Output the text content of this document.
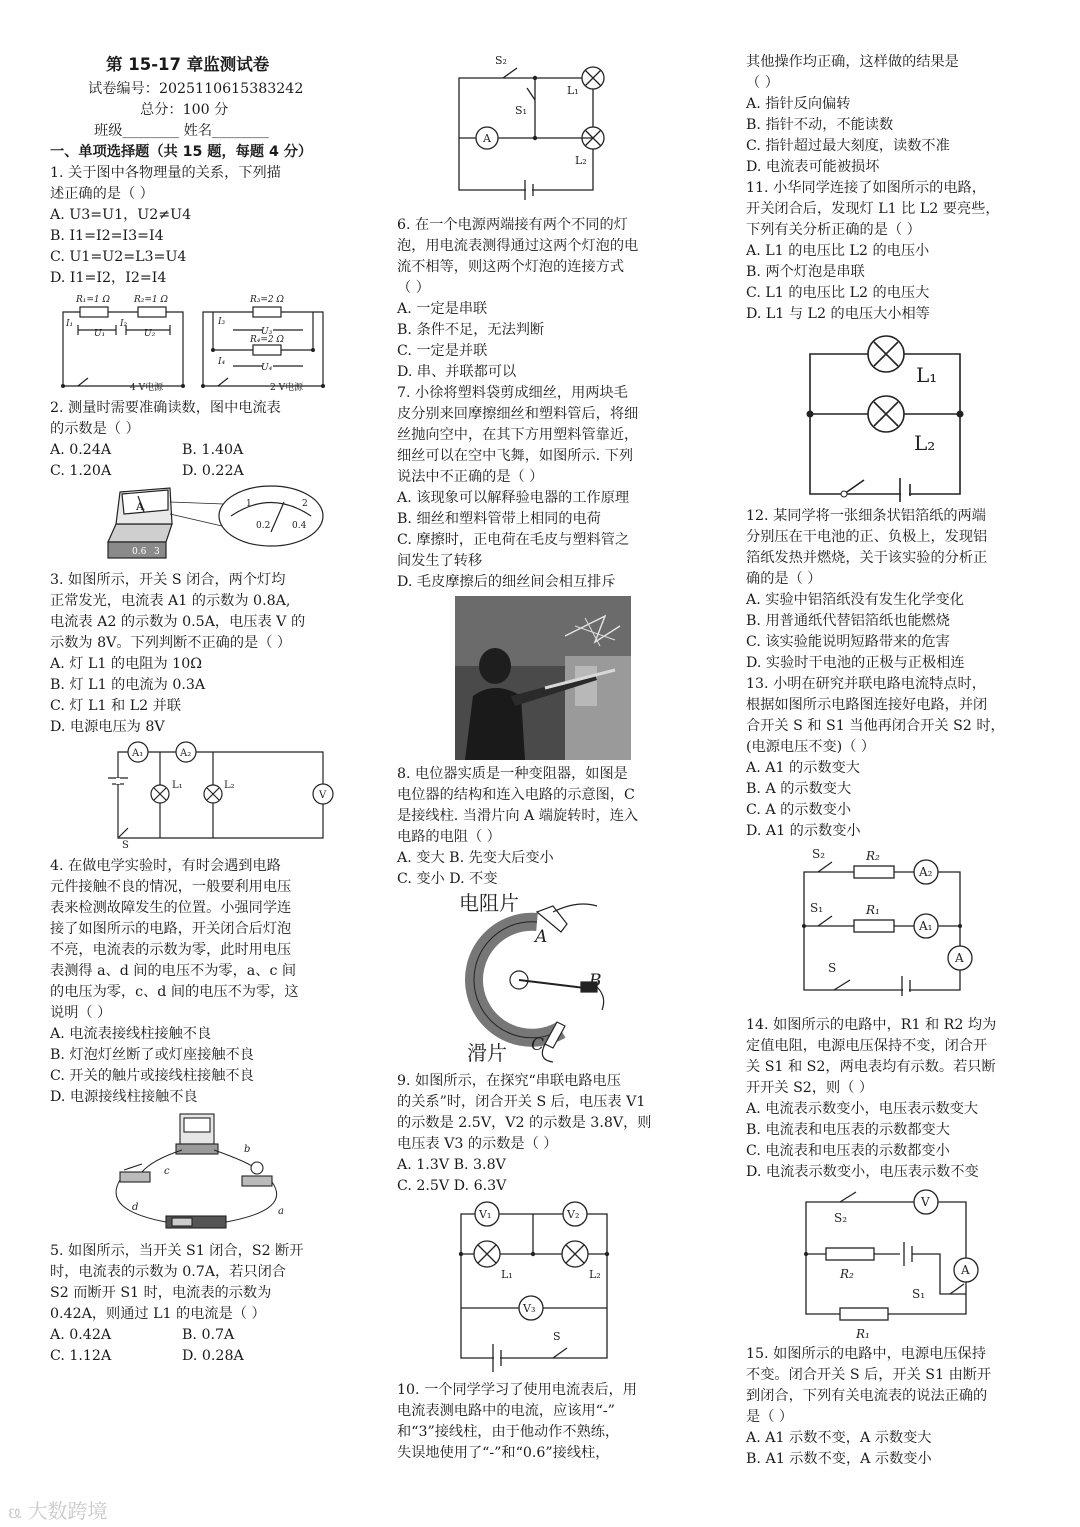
第 15-17 章监测试卷
试卷编号：2025110615383242
总分：100 分
班级________ 姓名________
一、单项选择题（共 15 题，每题 4 分）
1. 关于图中各物理量的关系，下列描
述正确的是（ ）
A. U3=U1，U2≠U4
B. I1=I2=I3=I4
C. U1=U2=L3=U4
D. I1=I2，I2=I4
R₁=1 Ω	R₂=1 Ω
I₁	I₂
U₁	U₂
4 V电源
R₃=2 Ω
R₄=2 Ω
I₃
I₄
U₃
U₄
2 V电源
2. 测量时需要准确读数，图中电流表
的示数是（ ）
A. 0.24A	B. 1.40A
C. 1.20A	D. 0.22A
A	1	2
0.2 0.4
0.6 3
3. 如图所示，开关 S 闭合，两个灯均
正常发光，电流表 A1 的示数为 0.8A,
电流表 A2 的示数为 0.5A，电压表 V 的
示数为 8V。下列判断不正确的是（ ）
A. 灯 L1 的电阻为 10Ω
B. 灯 L1 的电流为 0.3A
C. 灯 L1 和 L2 并联
D. 电源电压为 8V
A₁	A₂
L₁	L₂
V
S
4. 在做电学实验时，有时会遇到电路
元件接触不良的情况，一般要利用电压
表来检测故障发生的位置。小强同学连
接了如图所示的电路，开关闭合后灯泡
不亮，电流表的示数为零，此时用电压
表测得 a、d 间的电压不为零，a、c 间
的电压为零，c、d 间的电压不为零，这
说明（ ）
A. 电流表接线柱接触不良
B. 灯泡灯丝断了或灯座接触不良
C. 开关的触片或接线柱接触不良
D. 电源接线柱接触不良
b
c
d	a
5. 如图所示，当开关 S1 闭合，S2 断开
时，电流表的示数为 0.7A，若只闭合
S2 而断开 S1 时，电流表的示数为
0.42A，则通过 L1 的电流是（ ）
A. 0.42A	B. 0.7A
C. 1.12A	D. 0.28A
S₂
S₁
L₁
L₂
A
6. 在一个电源两端接有两个不同的灯
泡，用电流表测得通过这两个灯泡的电
流不相等，则这两个灯泡的连接方式
（ ）
A. 一定是串联
B. 条件不足，无法判断
C. 一定是并联
D. 串、并联都可以
7. 小徐将塑料袋剪成细丝，用两块毛
皮分别来回摩擦细丝和塑料管后，将细
丝抛向空中，在其下方用塑料管靠近，
细丝可以在空中飞舞，如图所示. 下列
说法中不正确的是（ ）
A. 该现象可以解释验电器的工作原理
B. 细丝和塑料管带上相同的电荷
C. 摩擦时，正电荷在毛皮与塑料管之
间发生了转移
D. 毛皮摩擦后的细丝间会相互排斥
8. 电位器实质是一种变阻器，如图是
电位器的结构和连入电路的示意图，C
是接线柱. 当滑片向 A 端旋转时，连入
电路的电阻（ ）
A. 变大 B. 先变大后变小
C. 变小 D. 不变
电阻片
滑片
A
B
C
9. 如图所示，在探究“串联电路电压
的关系”时，闭合开关 S 后，电压表 V1
的示数是 2.5V，V2 的示数是 3.8V，则
电压表 V3 的示数是（ ）
A. 1.3V B. 3.8V
C. 2.5V D. 6.3V
V₁	V₂
L₁	L₂
V₃
S
10. 一个同学学习了使用电流表后，用
电流表测电路中的电流，应该用“-”
和“3”接线柱，由于他动作不熟练，
失误地使用了“-”和“0.6”接线柱，
其他操作均正确，这样做的结果是
（ ）
A. 指针反向偏转
B. 指针不动，不能读数
C. 指针超过最大刻度，读数不准
D. 电流表可能被损坏
11. 小华同学连接了如图所示的电路，
开关闭合后，发现灯 L1 比 L2 要亮些，
下列有关分析正确的是（ ）
A. L1 的电压比 L2 的电压小
B. 两个灯泡是串联
C. L1 的电压比 L2 的电压大
D. L1 与 L2 的电压大小相等
L₁
L₂
12. 某同学将一张细条状铝箔纸的两端
分别压在干电池的正、负极上，发现铝
箔纸发热并燃烧，关于该实验的分析正
确的是（ ）
A. 实验中铝箔纸没有发生化学变化
B. 用普通纸代替铝箔纸也能燃烧
C. 该实验能说明短路带来的危害
D. 实验时干电池的正极与正极相连
13. 小明在研究并联电路电流特点时，
根据如图所示电路图连接好电路，并闭
合开关 S 和 S1 当他再闭合开关 S2 时，
(电源电压不变)（ ）
A. A1 的示数变大
B. A 的示数变大
C. A 的示数变小
D. A1 的示数变小
S₂	R₂
A₂
S₁	R₁
A₁
A
S
14. 如图所示的电路中，R1 和 R2 均为
定值电阻，电源电压保持不变，闭合开
关 S1 和 S2，两电表均有示数。若只断
开开关 S2，则（ ）
A. 电流表示数变小，电压表示数变大
B. 电流表和电压表的示数都变大
C. 电流表和电压表的示数都变小
D. 电流表示数变小，电压表示数不变
V
S₂
R₂	A
S₁
R₁
15. 如图所示的电路中，电源电压保持
不变。闭合开关 S 后，开关 S1 由断开
到闭合，下列有关电流表的说法正确的
是（ ）
A. A1 示数不变，A 示数变大
B. A1 示数不变，A 示数变小
ᦕ 大数跨境
